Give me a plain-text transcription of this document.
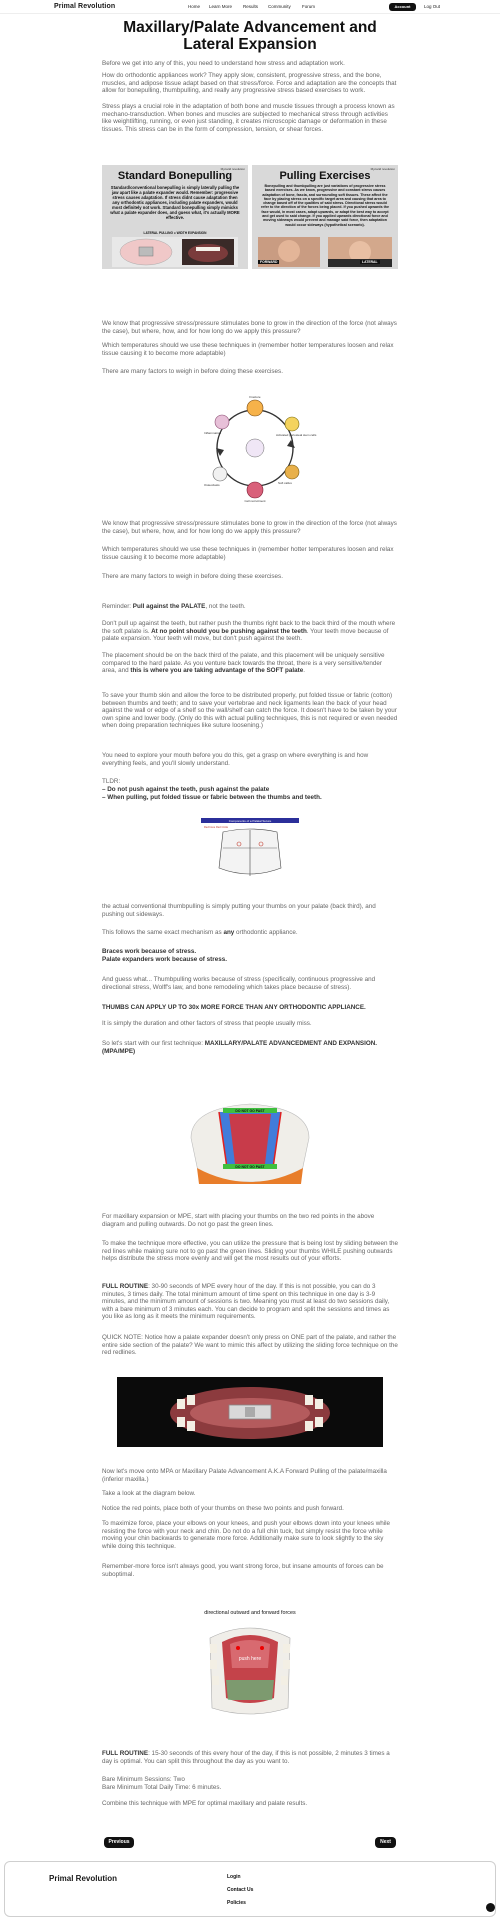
Primal Revolution	Home Learn More Results Community Forum	Account	Log Out
Maxillary/Palate Advancement and Lateral Expansion
Before we get into any of this, you need to understand how stress and adaptation work.
How do orthodontic appliances work? They apply slow, consistent, progressive stress, and the bone, muscles, and adipose tissue adapt based on that stress/force. Force and adaptation are the concepts that allow for bonepulling, thumbpulling, and really any progressive stress based exercises to work.
Stress plays a crucial role in the adaptation of both bone and muscle tissues through a process known as mechano-transduction. When bones and muscles are subjected to mechanical stress through activities like weightlifting, running, or even just standing, it creates microscopic damage or deformation in these tissues. This stress can be in the form of compression, tension, or shear forces.
Mycarid revolution
Standard Bonepulling
Standard/conventional bonepulling is simply laterally pulling the jaw apart like a palate expander would. Remember: progressive stress causes adaptation. If stress didnt cause adaptation then any orthodontic appliances, including palate expanders, would most definitely not work. Standard bonepulling simply mimicks what a palate expander does, and guess what, it's actually MORE effective.
LATERAL PULLING = WIDTH EXPANSION
Mycarid revolution
Pulling Exercises
Bonepulling and thumbpulling are just variations of progressive stress based exercises. As we know, progressive and constant stress causes adaptation of bone, fascia, and surrounding soft tissues. These affect the face by placing stress on a specific target area and causing that area to change based off of the qualities of said stress. Directional stress would refer to the direction of the forces being placed. If you pushed upwards the face would, in most cases, adapt upwards, or adapt the best way to accept and get used to said change. If you applied upwards directional force and moving sideways would prevent and manage said force, then adaptation would occur sideways (hypothetical scenario).
FORWARD	LATERAL
We know that progressive stress/pressure stimulates bone to grow in the direction of the force (not always the case), but where, how, and for how long do we apply this pressure?
Which temperatures should we use these techniques in (remember hotter temperatures loosen and relax tissue causing it to become more adaptable)
There are many factors to weigh in before doing these exercises.
Fracture
Inflammation	Activated periosteal stem cells
Soft callus
Osteoclasts
Cell recruitment
We know that progressive stress/pressure stimulates bone to grow in the direction of the force (not always the case), but where, how, and for how long do we apply this pressure?
Which temperatures should we use these techniques in (remember hotter temperatures loosen and relax tissue causing it to become more adaptable)
There are many factors to weigh in before doing these exercises.
Reminder: Pull against the PALATE, not the teeth.
Don't pull up against the teeth, but rather push the thumbs right back to the back third of the mouth where the soft palate is. At no point should you be pushing against the teeth. Your teeth move because of palate expansion. Your teeth will move, but don't push against the teeth.
The placement should be on the back third of the palate, and this placement will be uniquely sensitive compared to the hard palate. As you venture back towards the throat, there is a very sensitive/tender area, and this is where you are taking advantage of the SOFT palate.
To save your thumb skin and allow the force to be distributed properly, put folded tissue or fabric (cotton) between thumbs and teeth; and to save your vertebrae and neck ligaments lean the back of your head against the wall or edge of a shelf so the wall/shelf can catch the force. It doesn't have to be taken by your own spine and lower body. (Only do this with actual pulling techniques, this is not required or even needed when doing preparation techniques like suture loosening.)
You need to explore your mouth before you do this, get a grasp on where everything is and how everything feels, and you'll slowly understand.
TLDR:
– Do not push against the teeth, push against the palate
– When pulling, put folded tissue or fabric between the thumbs and teeth.
Components of a Palatal Suture
Red bone Red Circle
the actual conventional thumbpulling is simply putting your thumbs on your palate (back third), and pushing out sideways.
This follows the same exact mechanism as any orthodontic appliance.
Braces work because of stress.
Palate expanders work because of stress.
And guess what... Thumbpulling works because of stress (specifically, continuous progressive and directional stress, Wolff's law, and bone remodeling which takes place because of stress).
THUMBS CAN APPLY UP TO 30x MORE FORCE THAN ANY ORTHODONTIC APPLIANCE.
It is simply the duration and other factors of stress that people usually miss.
So let's start with our first technique: MAXILLARY/PALATE ADVANCEDMENT AND EXPANSION. (MPA/MPE)
DO NOT GO PAST
DO NOT GO PAST
For maxillary expansion or MPE, start with placing your thumbs on the two red points in the above diagram and pulling outwards. Do not go past the green lines.
To make the technique more effective, you can utilize the pressure that is being lost by sliding between the red lines while making sure not to go past the green lines. Sliding your thumbs WHILE pushing outwards helps distribute the stress more evenly and will get the most results out of your efforts.
FULL ROUTINE: 30-90 seconds of MPE every hour of the day. If this is not possible, you can do 3 minutes, 3 times daily. The total minimum amount of time spent on this technique in one day is 3-9 minutes, and the minimum amount of sessions is two. Meaning you must at least do two sessions daily, with a bare minimum of 3 minutes each. You can decide to program and split the sessions and times as you like as long as it meets the minimum requirements.
QUICK NOTE: Notice how a palate expander doesn't only press on ONE part of the palate, and rather the entire side section of the palate? We want to mimic this affect by utilizing the sliding force technique on the red redlines.
Now let's move onto MPA or Maxillary Palate Advancement A.K.A Forward Pulling of the palate/maxilla (inferior maxilla.)
Take a look at the diagram below.
Notice the red points, place both of your thumbs on these two points and push forward.
To maximize force, place your elbows on your knees, and push your elbows down into your knees while resisting the force with your neck and chin. Do not do a full chin tuck, but simply resist the force while moving your chin backwards to generate more force. Additionally make sure to look slightly to the sky while doing this technique.
Remember-more force isn't always good, you want strong force, but insane amounts of forces can be suboptimal.
directional outward and forward forces
push here
FULL ROUTINE: 15-30 seconds of this every hour of the day, if this is not possible, 2 minutes 3 times a day is optimal. You can split this throughout the day as you want to.
Bare Minimum Sessions: Two
Bare Minimum Total Daily Time: 6 minutes.
Combine this technique with MPE for optimal maxillary and palate results.
Previous	Next
Primal Revolution	Login
Contact Us
Policies
